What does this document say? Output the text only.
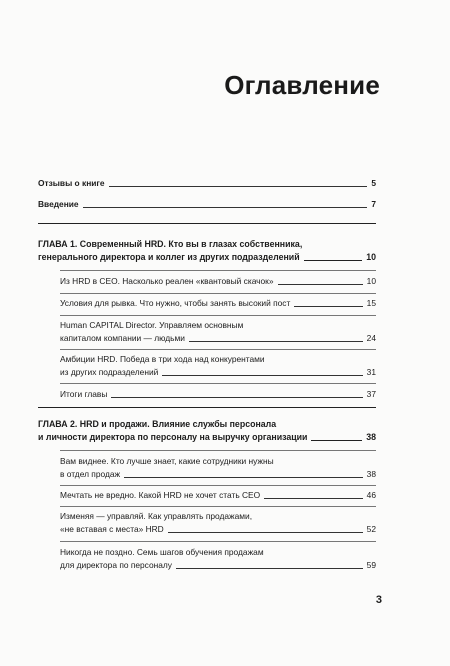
Оглавление
Отзывы о книге	5
Введение	7
ГЛАВА 1. Современный HRD. Кто вы в глазах собственника,
генерального директора и коллег из других подразделений	10
Из HRD в CEO. Насколько реален «квантовый скачок»	10
Условия для рывка. Что нужно, чтобы занять высокий пост	15
Human CAPITAL Director. Управляем основным
капиталом компании — людьми	24
Амбиции HRD. Победа в три хода над конкурентами
из других подразделений	31
Итоги главы	37
ГЛАВА 2. HRD и продажи. Влияние службы персонала
и личности директора по персоналу на выручку организации	38
Вам виднее. Кто лучше знает, какие сотрудники нужны
в отдел продаж	38
Мечтать не вредно. Какой HRD не хочет стать CEO	46
Изменяя — управляй. Как управлять продажами,
«не вставая с места» HRD	52
Никогда не поздно. Семь шагов обучения продажам
для директора по персоналу	59
3
